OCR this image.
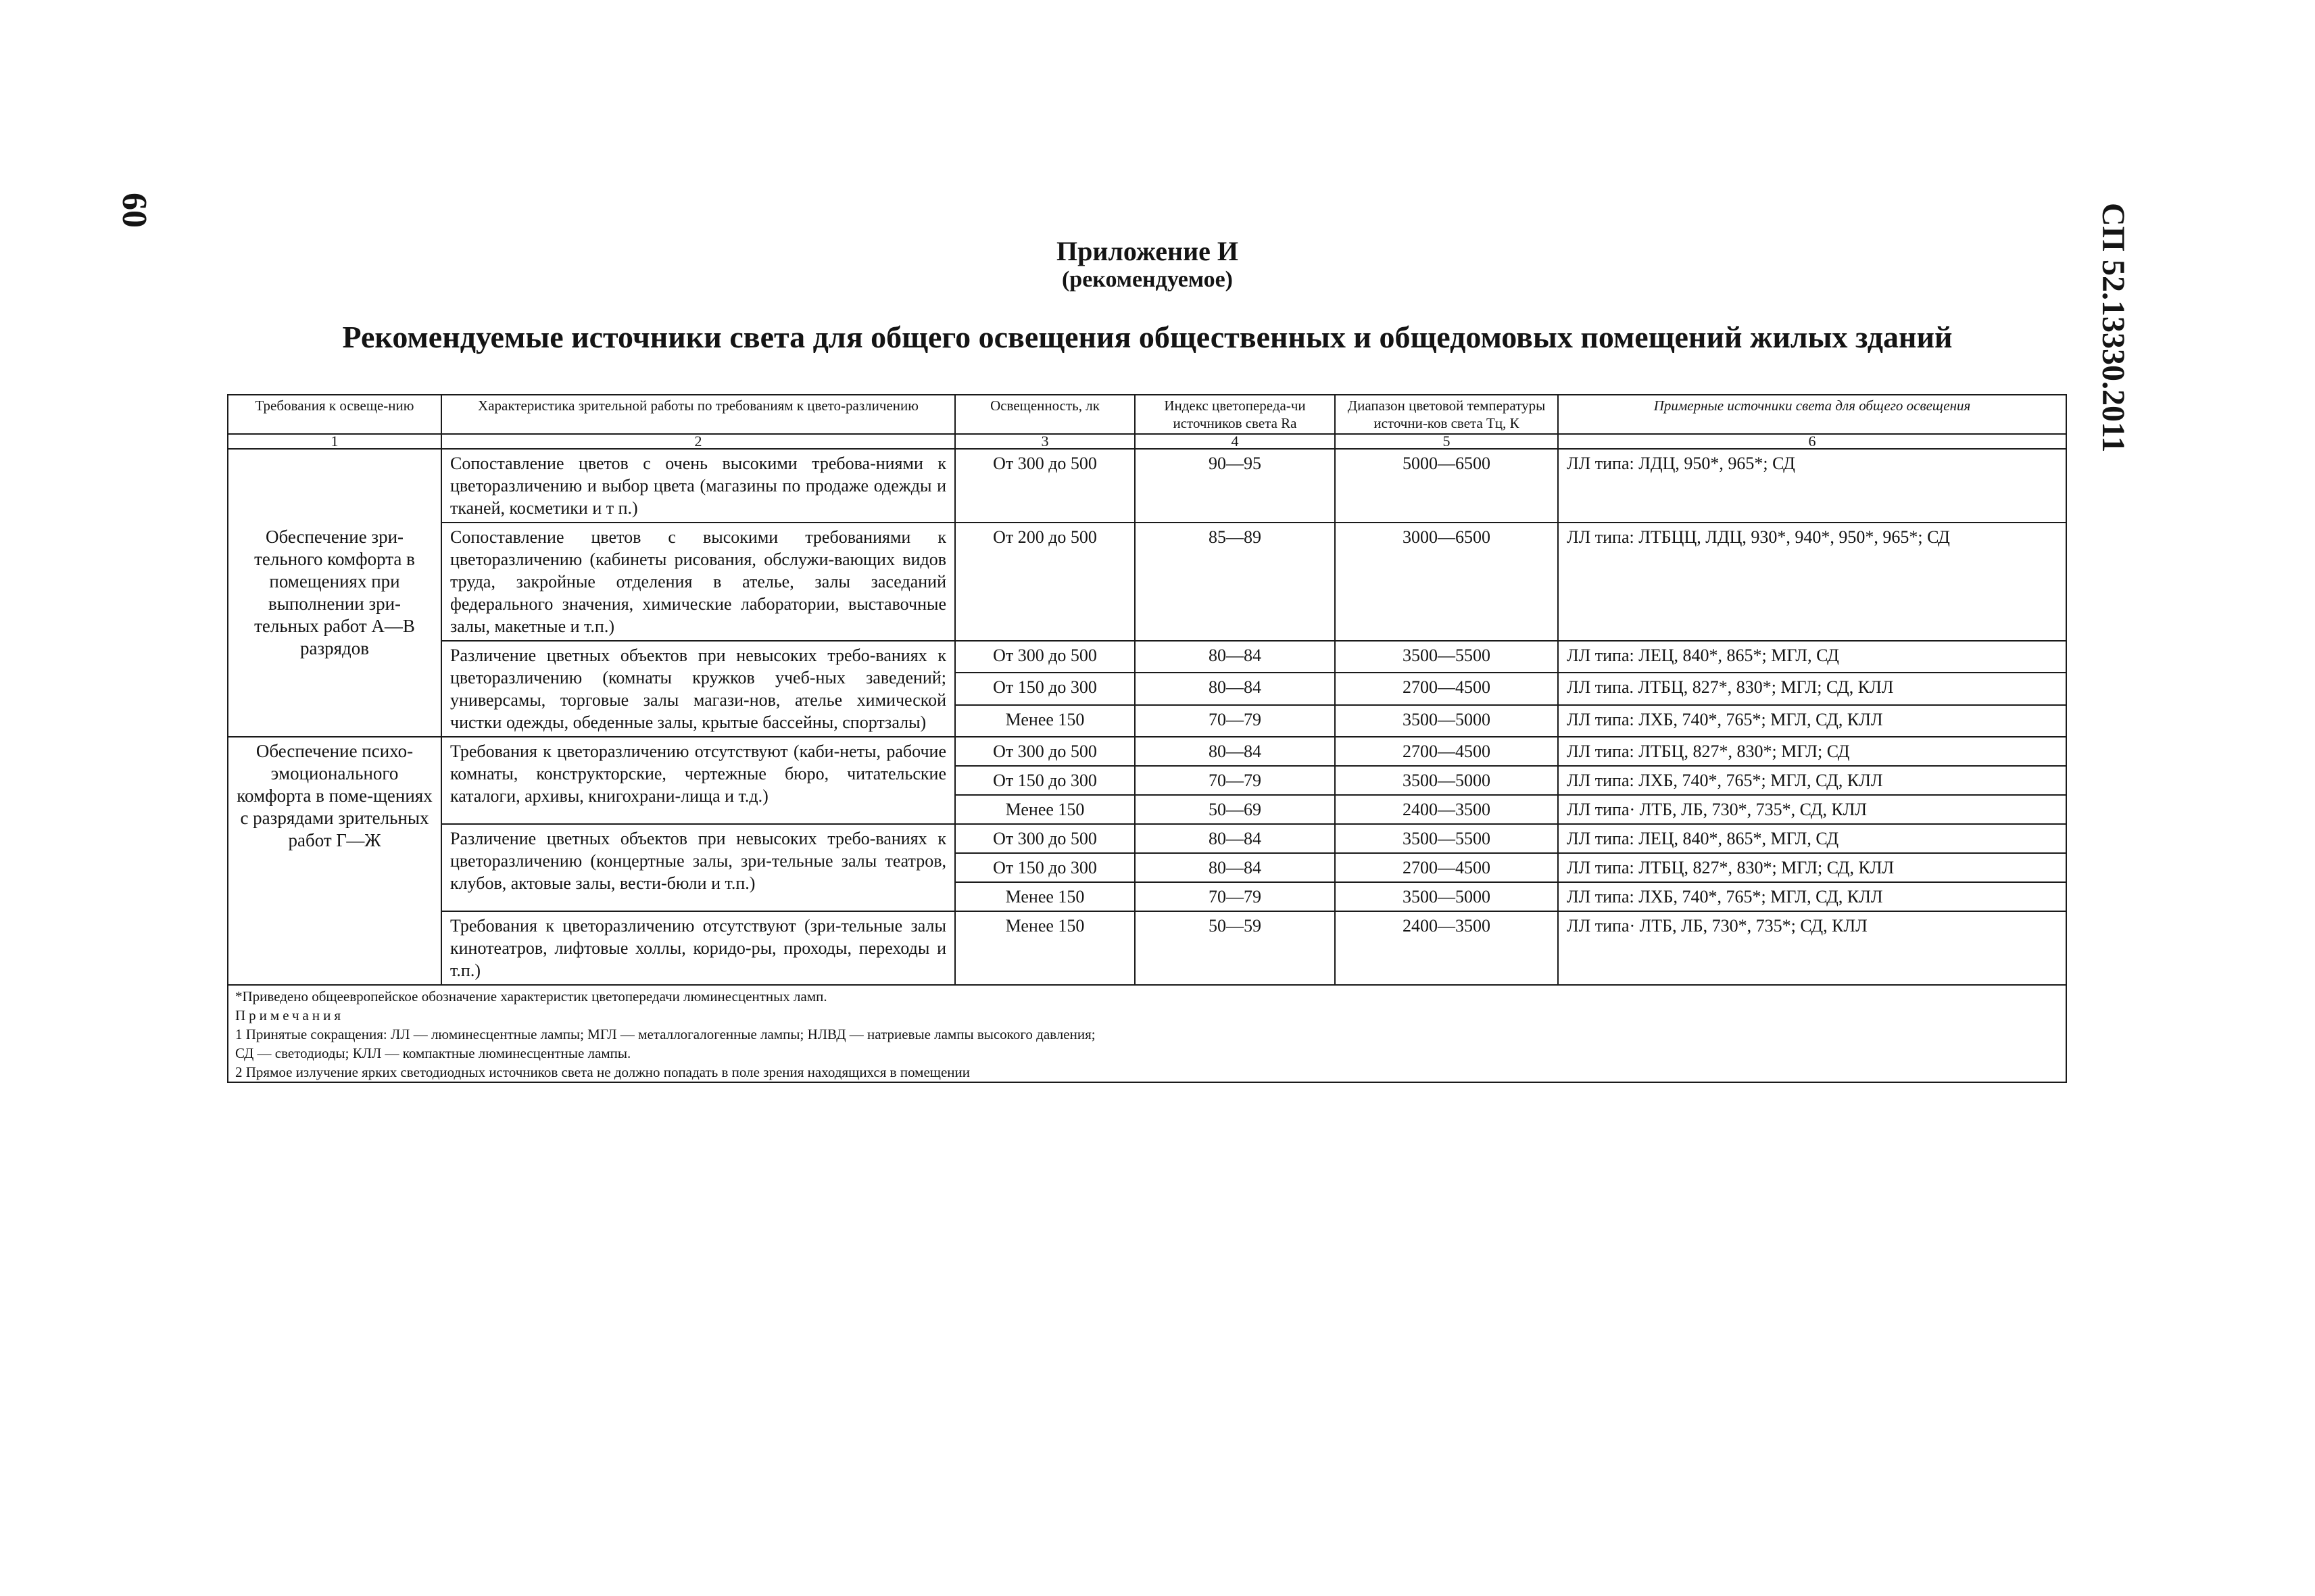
60	СП 52.13330.2011
Приложение И
(рекомендуемое)
Рекомендуемые источники света для общего освещения общественных и общедомовых помещений жилых зданий
Требования к освеще-нию	Характеристика зрительной работы по требованиям к цвето-различению	Освещенность, лк	Индекс цветопереда-чи источников света Ra	Диапазон цветовой температуры источни-ков света Tц, К	Примерные источники света для общего освещения
1	2	3	4	5	6
Обеспечение зри-тельного комфорта в помещениях при выполнении зри-тельных работ А—В разрядов	Сопоставление цветов с очень высокими требова-ниями к цветоразличению и выбор цвета (магазины по продаже одежды и тканей, косметики и т п.)	От 300 до 500	90—95	5000—6500	ЛЛ типа: ЛДЦ, 950*, 965*; СД
	Сопоставление цветов с высокими требованиями к цветоразличению (кабинеты рисования, обслужи-вающих видов труда, закройные отделения в ателье, залы заседаний федерального значения, химические лаборатории, выставочные залы, макетные и т.п.)	От 200 до 500	85—89	3000—6500	ЛЛ типа: ЛТБЦЦ, ЛДЦ, 930*, 940*, 950*, 965*; СД
	Различение цветных объектов при невысоких требо-ваниях к цветоразличению (комнаты кружков учеб-ных заведений; универсамы, торговые залы магази-нов, ателье химической чистки одежды, обеденные залы, крытые бассейны, спортзалы)	От 300 до 500	80—84	3500—5500	ЛЛ типа: ЛЕЦ, 840*, 865*; МГЛ, СД
		От 150 до 300	80—84	2700—4500	ЛЛ типа. ЛТБЦ, 827*, 830*; МГЛ; СД, КЛЛ
		Менее 150	70—79	3500—5000	ЛЛ типа: ЛХБ, 740*, 765*; МГЛ, СД, КЛЛ
Обеспечение психо-эмоционального комфорта в поме-щениях с разрядами зрительных работ Г—Ж	Требования к цветоразличению отсутствуют (каби-неты, рабочие комнаты, конструкторские, чертежные бюро, читательские каталоги, архивы, книгохрани-лища и т.д.)	От 300 до 500	80—84	2700—4500	ЛЛ типа: ЛТБЦ, 827*, 830*; МГЛ; СД
		От 150 до 300	70—79	3500—5000	ЛЛ типа: ЛХБ, 740*, 765*; МГЛ, СД, КЛЛ
		Менее 150	50—69	2400—3500	ЛЛ типа· ЛТБ, ЛБ, 730*, 735*, СД, КЛЛ
	Различение цветных объектов при невысоких требо-ваниях к цветоразличению (концертные залы, зри-тельные залы театров, клубов, актовые залы, вести-бюли и т.п.)	От 300 до 500	80—84	3500—5500	ЛЛ типа: ЛЕЦ, 840*, 865*, МГЛ, СД
		От 150 до 300	80—84	2700—4500	ЛЛ типа: ЛТБЦ, 827*, 830*; МГЛ; СД, КЛЛ
		Менее 150	70—79	3500—5000	ЛЛ типа: ЛХБ, 740*, 765*; МГЛ, СД, КЛЛ
	Требования к цветоразличению отсутствуют (зри-тельные залы кинотеатров, лифтовые холлы, коридо-ры, проходы, переходы и т.п.)	Менее 150	50—59	2400—3500	ЛЛ типа· ЛТБ, ЛБ, 730*, 735*; СД, КЛЛ

*Приведено общеевропейское обозначение характеристик цветопередачи люминесцентных ламп.
Примечания
1 Принятые сокращения: ЛЛ — люминесцентные лампы; МГЛ — металлогалогенные лампы; НЛВД — натриевые лампы высокого давления;
СД — светодиоды; КЛЛ — компактные люминесцентные лампы.
2 Прямое излучение ярких светодиодных источников света не должно попадать в поле зрения находящихся в помещении					
